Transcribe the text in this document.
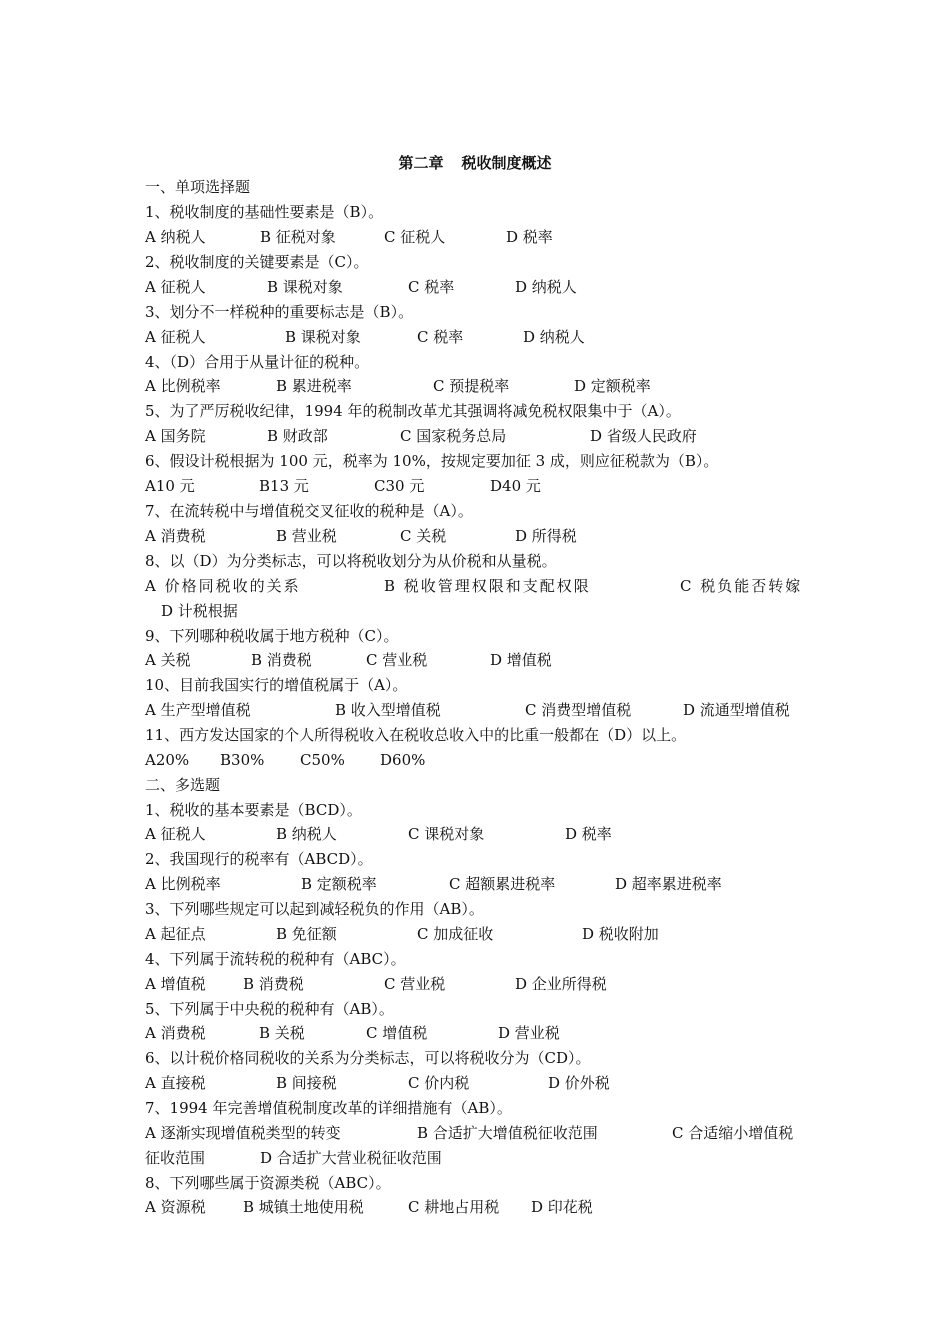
第二章 税收制度概述
一、单项选择题
1、税收制度的基础性要素是（B）。
A 纳税人	B 征税对象	C 征税人	D 税率
2、税收制度的关键要素是（C）。
A 征税人	B 课税对象	C 税率	D 纳税人
3、划分不一样税种的重要标志是（B）。
A 征税人	B 课税对象	C 税率	D 纳税人
4、（D）合用于从量计征的税种。
A 比例税率	B 累进税率	C 预提税率	D 定额税率
5、为了严厉税收纪律，1994 年的税制改革尤其强调将减免税权限集中于（A）。
A 国务院	B 财政部	C 国家税务总局	D 省级人民政府
6、假设计税根据为 100 元，税率为 10%，按规定要加征 3 成，则应征税款为（B）。
A10 元	B13 元	C30 元	D40 元
7、在流转税中与增值税交叉征收的税种是（A）。
A 消费税	B 营业税	C 关税	D 所得税
8、以（D）为分类标志，可以将税收划分为从价税和从量税。
A 价格同税收的关系	B 税收管理权限和支配权限	C 税负能否转嫁
D 计税根据
9、下列哪种税收属于地方税种（C）。
A 关税	B 消费税	C 营业税	D 增值税
10、目前我国实行的增值税属于（A）。
A 生产型增值税	B 收入型增值税	C 消费型增值税	D 流通型增值税
11、西方发达国家的个人所得税收入在税收总收入中的比重一般都在（D）以上。
A20% B30% C50% D60%
二、多选题
1、税收的基本要素是（BCD）。
A 征税人	B 纳税人	C 课税对象	D 税率
2、我国现行的税率有（ABCD）。
A 比例税率	B 定额税率	C 超额累进税率	D 超率累进税率
3、下列哪些规定可以起到减轻税负的作用（AB）。
A 起征点	B 免征额	C 加成征收	D 税收附加
4、下列属于流转税的税种有（ABC）。
A 增值税 B 消费税	C 营业税	D 企业所得税
5、下列属于中央税的税种有（AB）。
A 消费税	B 关税	C 增值税	D 营业税
6、以计税价格同税收的关系为分类标志，可以将税收分为（CD）。
A 直接税	B 间接税	C 价内税	D 价外税
7、1994 年完善增值税制度改革的详细措施有（AB）。
A 逐渐实现增值税类型的转变	B 合适扩大增值税征收范围	C 合适缩小增值税
征收范围	D 合适扩大营业税征收范围
8、下列哪些属于资源类税（ABC）。
A 资源税 B 城镇土地使用税	C 耕地占用税 D 印花税
